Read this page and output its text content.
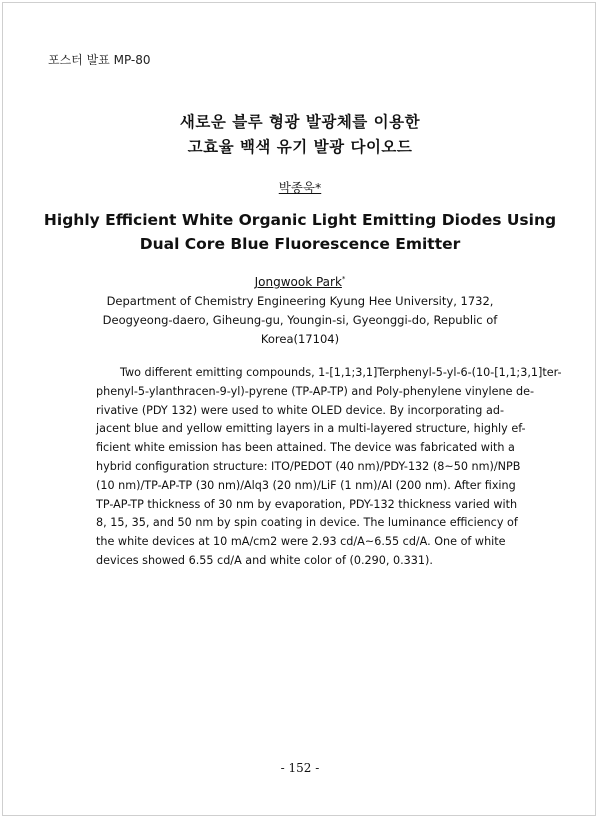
포스터 발표 MP-80
새로운 블루 형광 발광체를 이용한
고효율 백색 유기 발광 다이오드
박종욱*
Highly Efficient White Organic Light Emitting Diodes Using
Dual Core Blue Fluorescence Emitter
Jongwook Park*
Department of Chemistry Engineering Kyung Hee University, 1732,
Deogyeong-daero, Giheung-gu, Youngin-si, Gyeonggi-do, Republic of
Korea(17104)
Two different emitting compounds, 1-[1,1;3,1]Terphenyl-5-yl-6-(10-[1,1;3,1]ter-
phenyl-5-ylanthracen-9-yl)-pyrene (TP-AP-TP) and Poly-phenylene vinylene de-
rivative (PDY 132) were used to white OLED device. By incorporating ad-
jacent blue and yellow emitting layers in a multi-layered structure, highly ef-
ficient white emission has been attained. The device was fabricated with a
hybrid configuration structure: ITO/PEDOT (40 nm)/PDY-132 (8~50 nm)/NPB
(10 nm)/TP-AP-TP (30 nm)/Alq3 (20 nm)/LiF (1 nm)/Al (200 nm). After fixing
TP-AP-TP thickness of 30 nm by evaporation, PDY-132 thickness varied with
8, 15, 35, and 50 nm by spin coating in device. The luminance efficiency of
the white devices at 10 mA/cm2 were 2.93 cd/A~6.55 cd/A. One of white
devices showed 6.55 cd/A and white color of (0.290, 0.331).
- 152 -
